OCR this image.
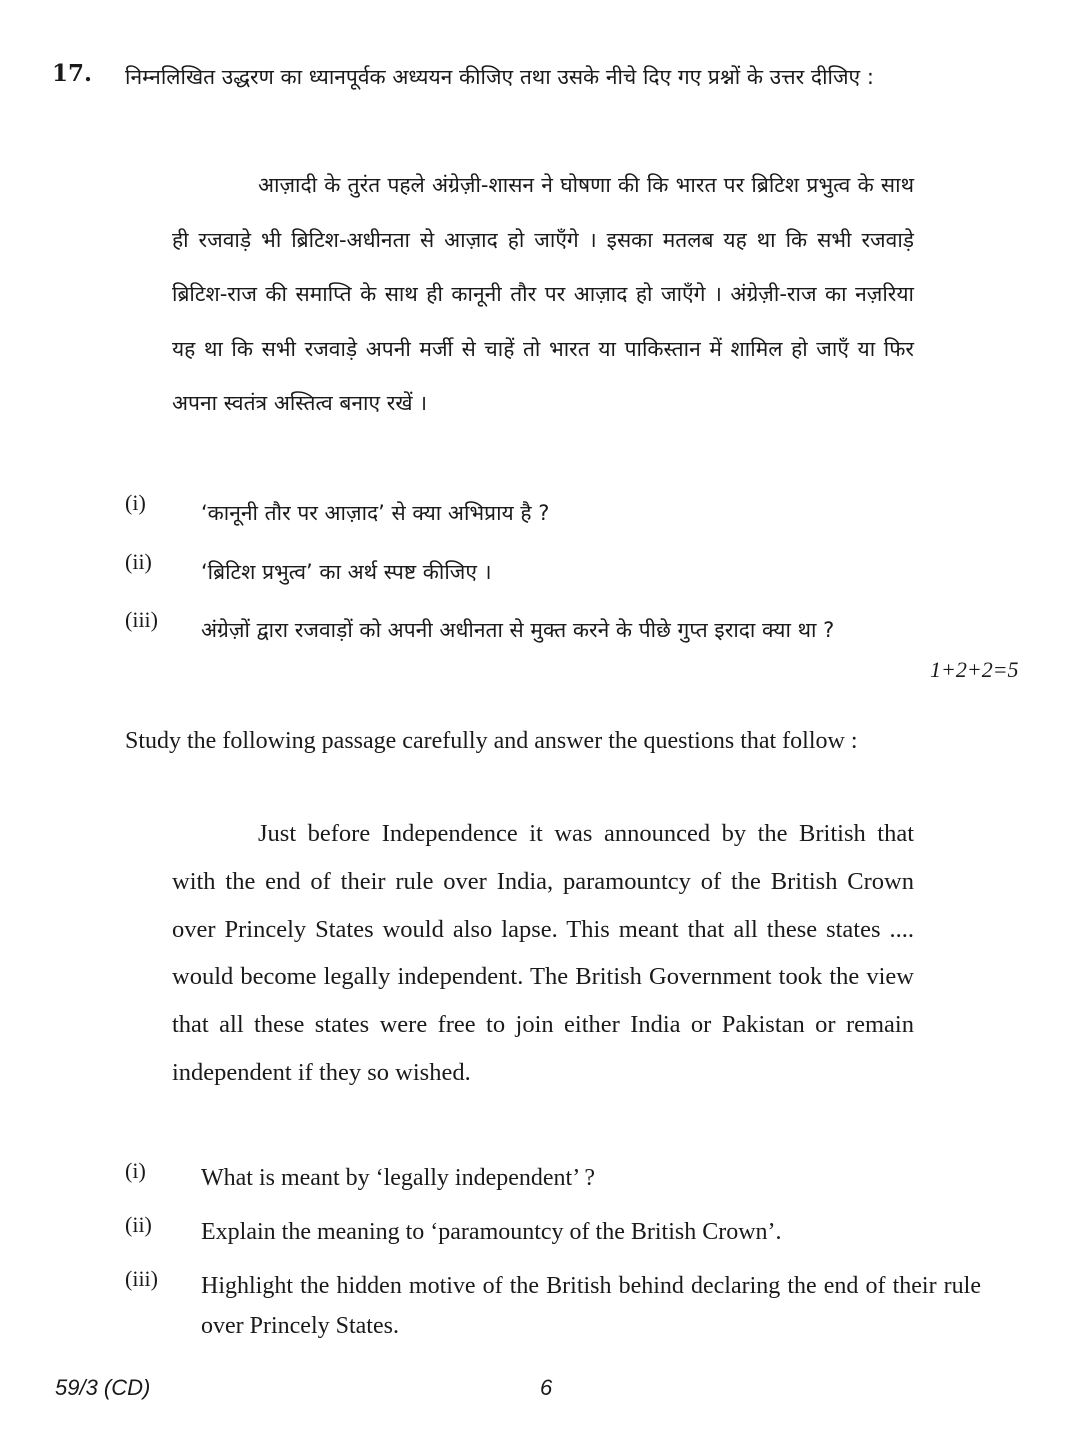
17. निम्नलिखित उद्धरण का ध्यानपूर्वक अध्ययन कीजिए तथा उसके नीचे दिए गए प्रश्नों के उत्तर दीजिए :
आज़ादी के तुरंत पहले अंग्रेज़ी-शासन ने घोषणा की कि भारत पर ब्रिटिश प्रभुत्व के साथ ही रजवाड़े भी ब्रिटिश-अधीनता से आज़ाद हो जाएँगे । इसका मतलब यह था कि सभी रजवाड़े ब्रिटिश-राज की समाप्ति के साथ ही कानूनी तौर पर आज़ाद हो जाएँगे । अंग्रेज़ी-राज का नज़रिया यह था कि सभी रजवाड़े अपनी मर्जी से चाहें तो भारत या पाकिस्तान में शामिल हो जाएँ या फिर अपना स्वतंत्र अस्तित्व बनाए रखें ।
(i)	‘कानूनी तौर पर आज़ाद’ से क्या अभिप्राय है ?
(ii) ‘ब्रिटिश प्रभुत्व’ का अर्थ स्पष्ट कीजिए ।
(iii) अंग्रेज़ों द्वारा रजवाड़ों को अपनी अधीनता से मुक्त करने के पीछे गुप्त इरादा क्या था ?
1+2+2=5
Study the following passage carefully and answer the questions that follow :
Just before Independence it was announced by the British that with the end of their rule over India, paramountcy of the British Crown over Princely States would also lapse. This meant that all these states .... would become legally independent. The British Government took the view that all these states were free to join either India or Pakistan or remain independent if they so wished.
(i) What is meant by ‘legally independent’ ?
(ii) Explain the meaning to ‘paramountcy of the British Crown’.
(iii) Highlight the hidden motive of the British behind declaring the end of their rule over Princely States.
59/3 (CD)	6
